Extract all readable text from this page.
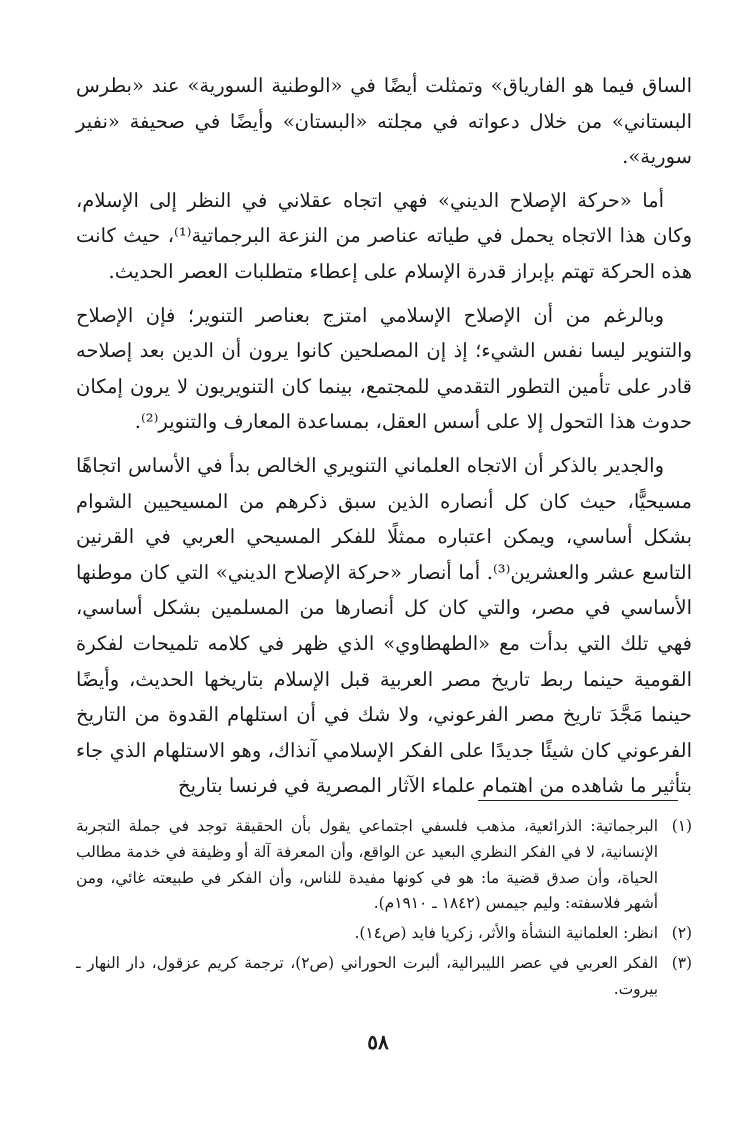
الساق فيما هو الفارياق» وتمثلت أيضًا في «الوطنية السورية» عند «بطرس البستاني» من خلال دعواته في مجلته «البستان» وأيضًا في صحيفة «نفير سورية».

أما «حركة الإصلاح الديني» فهي اتجاه عقلاني في النظر إلى الإسلام، وكان هذا الاتجاه يحمل في طياته عناصر من النزعة البرجماتية⁽¹⁾، حيث كانت هذه الحركة تهتم بإبراز قدرة الإسلام على إعطاء متطلبات العصر الحديث.

وبالرغم من أن الإصلاح الإسلامي امتزج بعناصر التنوير؛ فإن الإصلاح والتنوير ليسا نفس الشيء؛ إذ إن المصلحين كانوا يرون أن الدين بعد إصلاحه قادر على تأمين التطور التقدمي للمجتمع، بينما كان التنويريون لا يرون إمكان حدوث هذا التحول إلا على أسس العقل، بمساعدة المعارف والتنوير⁽²⁾.

والجدير بالذكر أن الاتجاه العلماني التنويري الخالص بدأ في الأساس اتجاهًا مسيحيًّا، حيث كان كل أنصاره الذين سبق ذكرهم من المسيحيين الشوام بشكل أساسي، ويمكن اعتباره ممثلًا للفكر المسيحي العربي في القرنين التاسع عشر والعشرين⁽³⁾. أما أنصار «حركة الإصلاح الديني» التي كان موطنها الأساسي في مصر، والتي كان كل أنصارها من المسلمين بشكل أساسي، فهي تلك التي بدأت مع «الطهطاوي» الذي ظهر في كلامه تلميحات لفكرة القومية حينما ربط تاريخ مصر العربية قبل الإسلام بتاريخها الحديث، وأيضًا حينما مَجَّدَ تاريخ مصر الفرعوني، ولا شك في أن استلهام القدوة من التاريخ الفرعوني كان شيئًا جديدًا على الفكر الإسلامي آنذاك، وهو الاستلهام الذي جاء بتأثير ما شاهده من اهتمام علماء الآثار المصرية في فرنسا بتاريخ

(١)
البرجماتية: الذرائعية، مذهب فلسفي اجتماعي يقول بأن الحقيقة توجد في جملة التجربة الإنسانية، لا في الفكر النظري البعيد عن الواقع، وأن المعرفة آلة أو وظيفة في خدمة مطالب الحياة، وأن صدق قضية ما: هو في كونها مفيدة للناس، وأن الفكر في طبيعته غائي، ومن أشهر فلاسفته: وليم جيمس (١٨٤٢ ـ ١٩١٠م).
(٢)
انظر: العلمانية النشأة والأثر، زكريا فايد (ص١٤).
(٣)
الفكر العربي في عصر الليبرالية، ألبرت الحوراني (ص٢)، ترجمة كريم عزقول، دار النهار ـ بيروت.
٥٨
